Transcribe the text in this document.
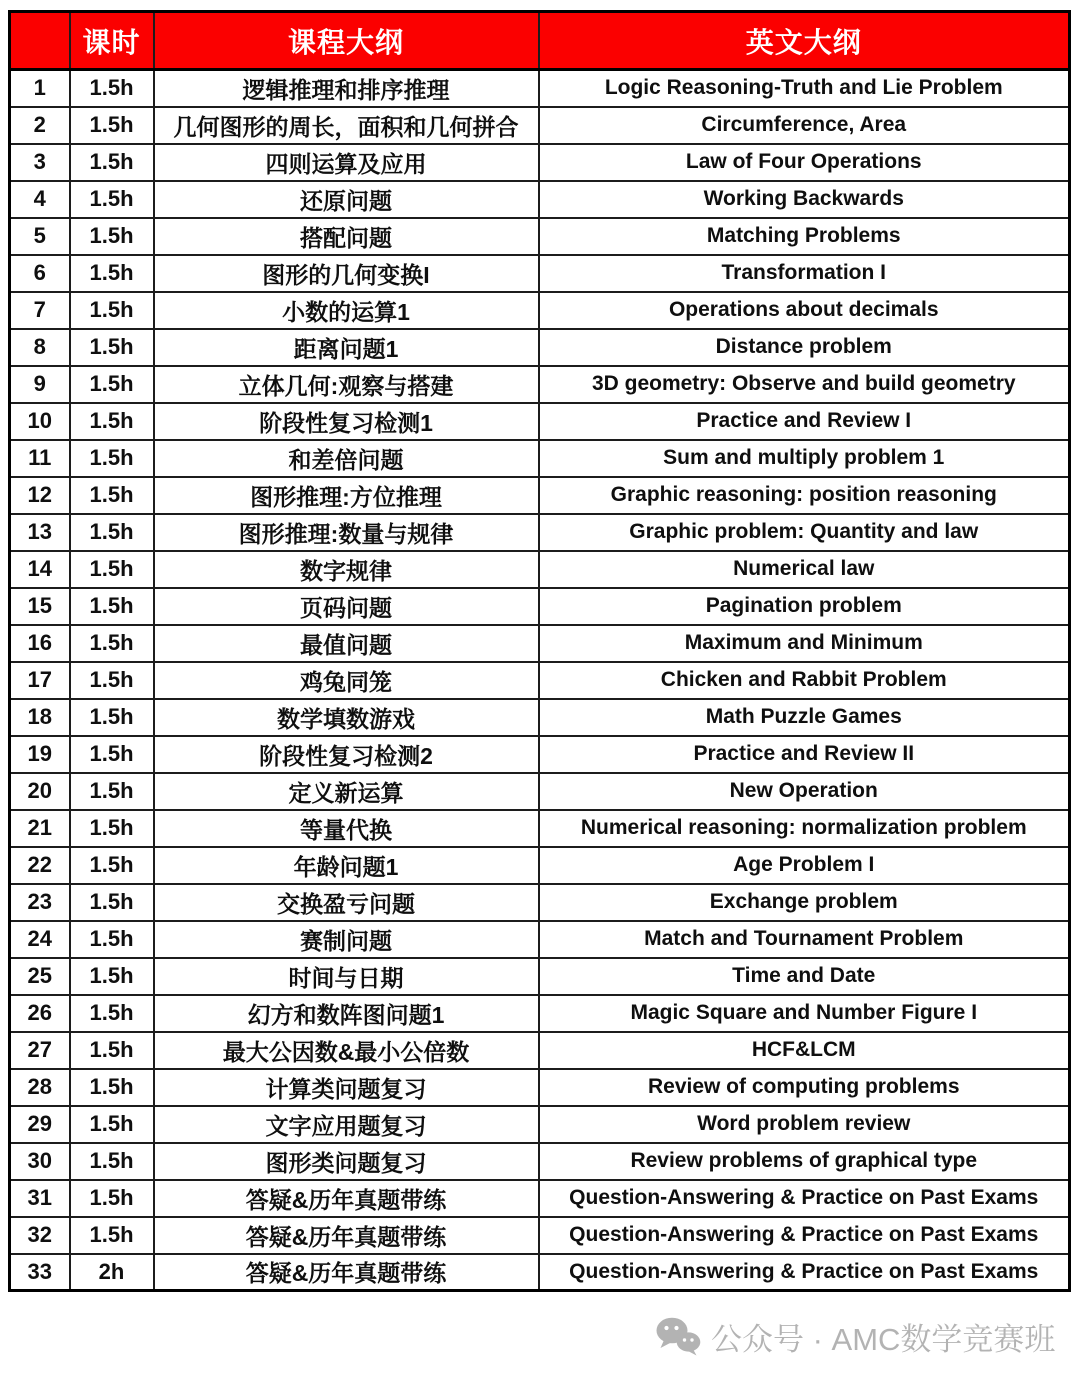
	课时	课程大纲	英文大纲
1	1.5h	逻辑推理和排序推理	Logic Reasoning-Truth and Lie Problem
2	1.5h	几何图形的周长，面积和几何拼合	Circumference, Area
3	1.5h	四则运算及应用	Law of Four Operations
4	1.5h	还原问题	Working Backwards
5	1.5h	搭配问题	Matching Problems
6	1.5h	图形的几何变换I	Transformation I
7	1.5h	小数的运算1	Operations about decimals
8	1.5h	距离问题1	Distance problem
9	1.5h	立体几何:观察与搭建	3D geometry: Observe and build geometry
10	1.5h	阶段性复习检测1	Practice and Review I
11	1.5h	和差倍问题	Sum and multiply problem 1
12	1.5h	图形推理:方位推理	Graphic reasoning: position reasoning
13	1.5h	图形推理:数量与规律	Graphic problem: Quantity and law
14	1.5h	数字规律	Numerical law
15	1.5h	页码问题	Pagination problem
16	1.5h	最值问题	Maximum and Minimum
17	1.5h	鸡兔同笼	Chicken and Rabbit Problem
18	1.5h	数学填数游戏	Math Puzzle Games
19	1.5h	阶段性复习检测2	Practice and Review II
20	1.5h	定义新运算	New Operation
21	1.5h	等量代换	Numerical reasoning: normalization problem
22	1.5h	年龄问题1	Age Problem I
23	1.5h	交换盈亏问题	Exchange problem
24	1.5h	赛制问题	Match and Tournament Problem
25	1.5h	时间与日期	Time and Date
26	1.5h	幻方和数阵图问题1	Magic Square and Number Figure I
27	1.5h	最大公因数&最小公倍数	HCF&LCM
28	1.5h	计算类问题复习	Review of computing problems
29	1.5h	文字应用题复习	Word problem review
30	1.5h	图形类问题复习	Review problems of graphical type
31	1.5h	答疑&历年真题带练	Question-Answering & Practice on Past Exams
32	1.5h	答疑&历年真题带练	Question-Answering & Practice on Past Exams
33	2h	答疑&历年真题带练	Question-Answering & Practice on Past Exams
公众号 · AMC数学竞赛班
